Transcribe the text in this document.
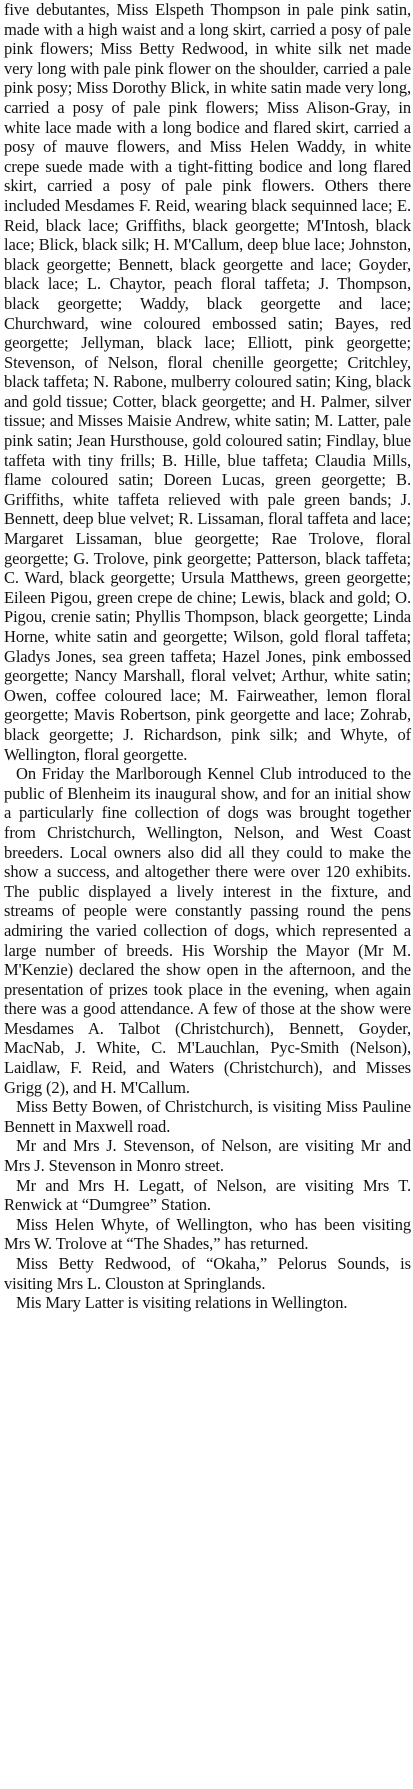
five debutantes, Miss Elspeth Thompson in pale pink satin, made with a high waist and a long skirt, carried a posy of pale pink flowers; Miss Betty Redwood, in white silk net made very long with pale pink flower on the shoulder, carried a pale pink posy; Miss Dorothy Blick, in white satin made very long, carried a posy of pale pink flowers; Miss Alison-Gray, in white lace made with a long bodice and flared skirt, carried a posy of mauve flowers, and Miss Helen Waddy, in white crepe suede made with a tight-fitting bodice and long flared skirt, carried a posy of pale pink flowers. Others there included Mesdames F. Reid, wearing black sequinned lace; E. Reid, black lace; Griffiths, black georgette; M'Intosh, black lace; Blick, black silk; H. M'Callum, deep blue lace; Johnston, black georgette; Bennett, black georgette and lace; Goyder, black lace; L. Chaytor, peach floral taffeta; J. Thompson, black georgette; Waddy, black georgette and lace; Churchward, wine coloured embossed satin; Bayes, red georgette; Jellyman, black lace; Elliott, pink georgette; Stevenson, of Nelson, floral chenille georgette; Critchley, black taffeta; N. Rabone, mulberry coloured satin; King, black and gold tissue; Cotter, black georgette; and H. Palmer, silver tissue; and Misses Maisie Andrew, white satin; M. Latter, pale pink satin; Jean Hursthouse, gold coloured satin; Findlay, blue taffeta with tiny frills; B. Hille, blue taffeta; Claudia Mills, flame coloured satin; Doreen Lucas, green georgette; B. Griffiths, white taffeta relieved with pale green bands; J. Bennett, deep blue velvet; R. Lissaman, floral taffeta and lace; Margaret Lissaman, blue georgette; Rae Trolove, floral georgette; G. Trolove, pink georgette; Patterson, black taffeta; C. Ward, black georgette; Ursula Matthews, green georgette; Eileen Pigou, green crepe de chine; Lewis, black and gold; O. Pigou, crenie satin; Phyllis Thompson, black georgette; Linda Horne, white satin and georgette; Wilson, gold floral taffeta; Gladys Jones, sea green taffeta; Hazel Jones, pink embossed georgette; Nancy Marshall, floral velvet; Arthur, white satin; Owen, coffee coloured lace; M. Fairweather, lemon floral georgette; Mavis Robertson, pink georgette and lace; Zohrab, black georgette; J. Richardson, pink silk; and Whyte, of Wellington, floral georgette.

On Friday the Marlborough Kennel Club introduced to the public of Blenheim its inaugural show, and for an initial show a particularly fine collection of dogs was brought together from Christchurch, Wellington, Nelson, and West Coast breeders. Local owners also did all they could to make the show a success, and altogether there were over 120 exhibits. The public displayed a lively interest in the fixture, and streams of people were constantly passing round the pens admiring the varied collection of dogs, which represented a large number of breeds. His Worship the Mayor (Mr M. M'Kenzie) declared the show open in the afternoon, and the presentation of prizes took place in the evening, when again there was a good attendance. A few of those at the show were Mesdames A. Talbot (Christchurch), Bennett, Goyder, MacNab, J. White, C. M'Lauchlan, Pyc-Smith (Nelson), Laidlaw, F. Reid, and Waters (Christchurch), and Misses Grigg (2), and H. M'Callum.

Miss Betty Bowen, of Christchurch, is visiting Miss Pauline Bennett in Maxwell road.

Mr and Mrs J. Stevenson, of Nelson, are visiting Mr and Mrs J. Stevenson in Monro street.

Mr and Mrs H. Legatt, of Nelson, are visiting Mrs T. Renwick at “Dumgree” Station.

Miss Helen Whyte, of Wellington, who has been visiting Mrs W. Trolove at “The Shades,” has returned.

Miss Betty Redwood, of “Okaha,” Pelorus Sounds, is visiting Mrs L. Clouston at Springlands.

Mis Mary Latter is visiting relations in Wellington.
